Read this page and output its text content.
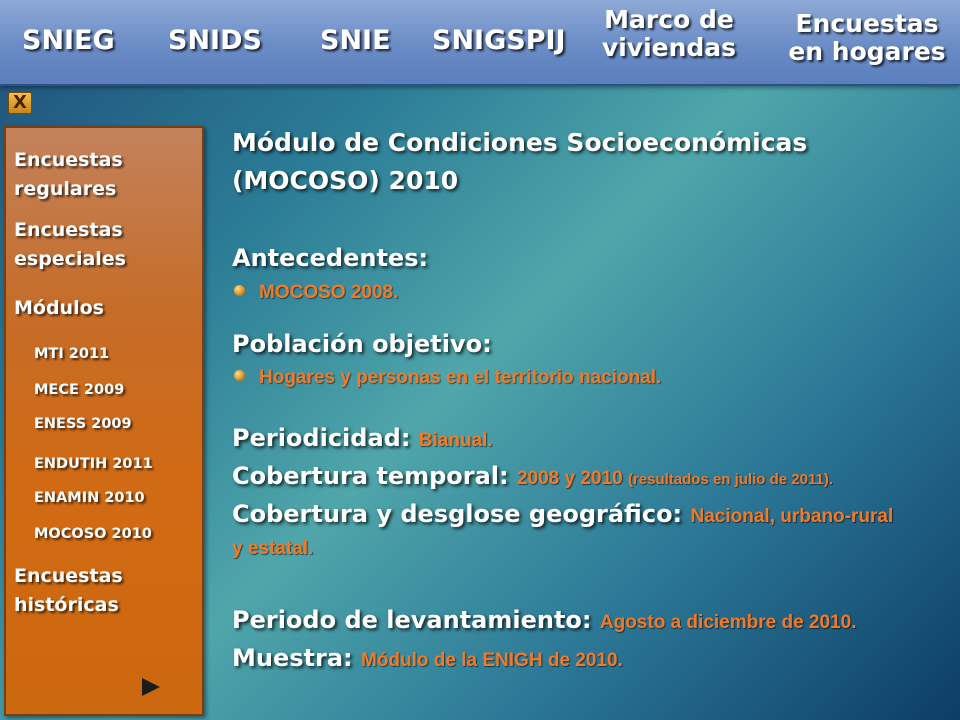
SNIEG SNIDS SNIE SNIGSPIJ
Marco de
viviendas
Encuestas
en hogares
X
Encuestas
regulares
Encuestas
especiales
Módulos
MTI 2011
MECE 2009
ENESS 2009
ENDUTIH 2011
ENAMIN 2010
MOCOSO 2010
Encuestas
históricas
Módulo de Condiciones Socioeconómicas
(MOCOSO) 2010
Antecedentes:
MOCOSO 2008.
Población objetivo:
Hogares y personas en el territorio nacional.
Periodicidad: Bianual.
Cobertura temporal: 2008 y 2010 (resultados en julio de 2011).
Cobertura y desglose geográfico: Nacional, urbano-rural
y estatal.
Periodo de levantamiento: Agosto a diciembre de 2010.
Muestra: Módulo de la ENIGH de 2010.
